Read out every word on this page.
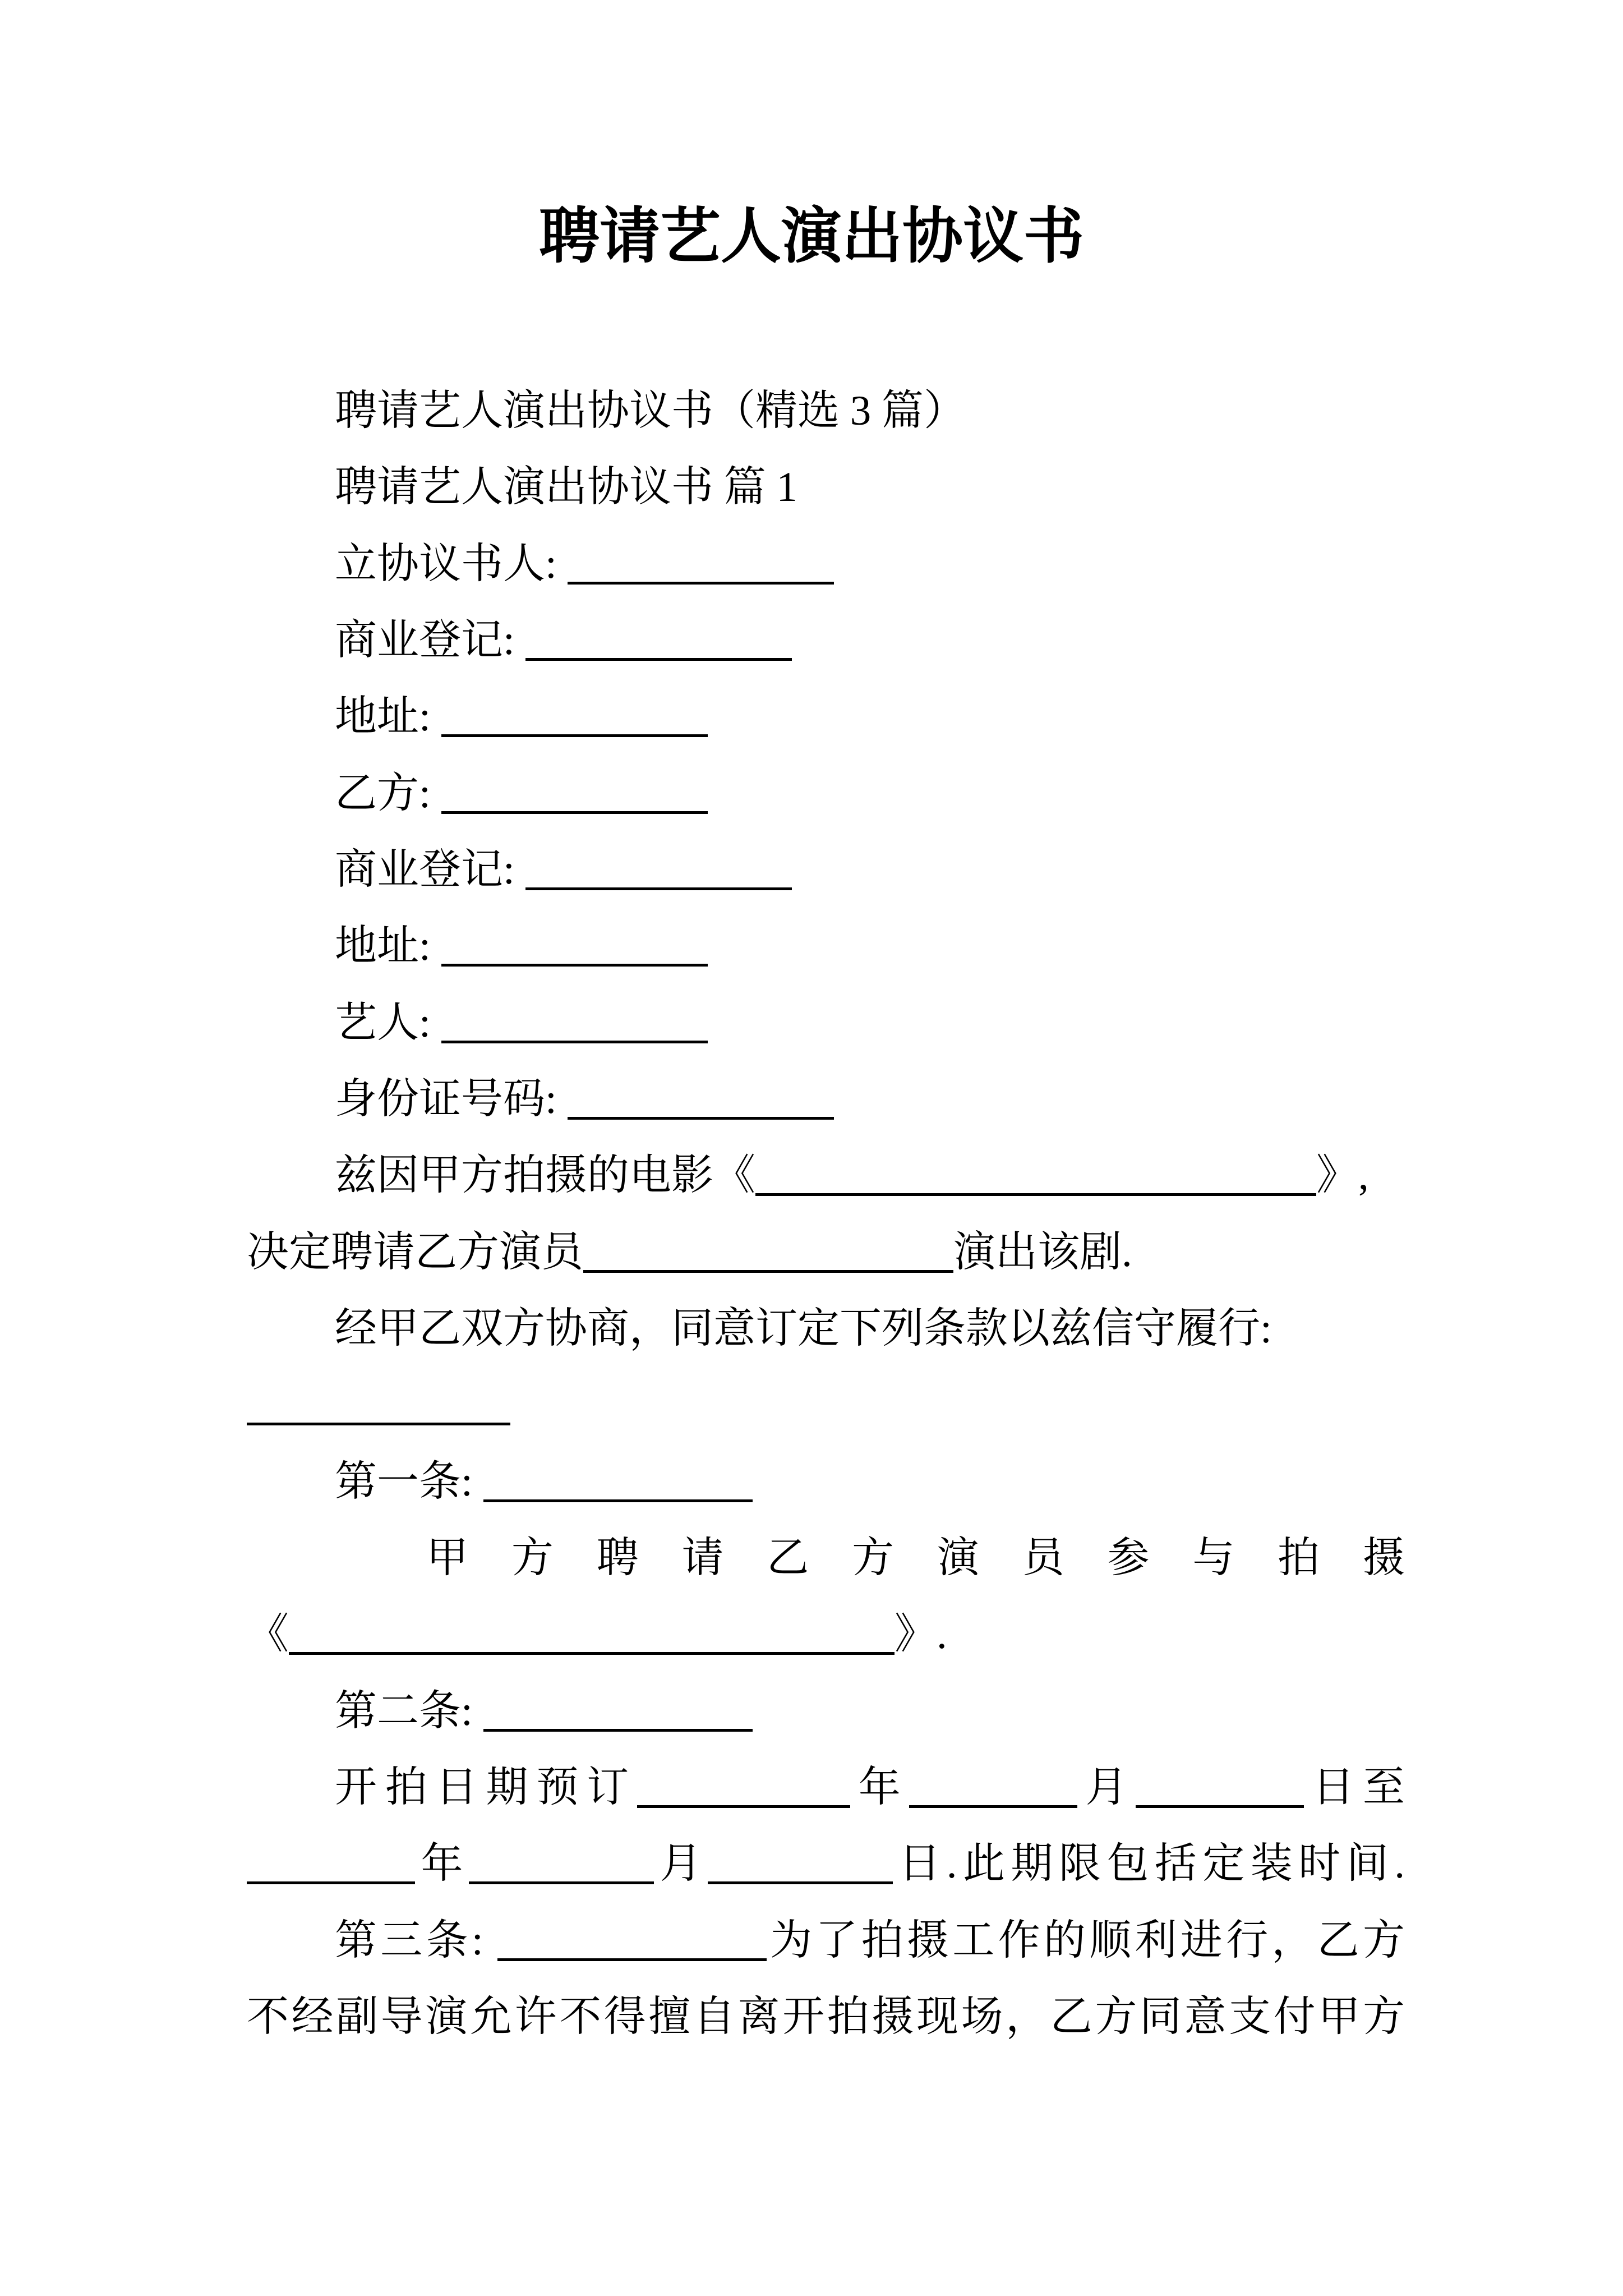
聘请艺人演出协议书
聘请艺人演出协议书（精选 3 篇）
聘请艺人演出协议书 篇 1
立协议书人:
商业登记:
地址:
乙方:
商业登记:
地址:
艺人:
身份证号码:
兹因甲方拍摄的电影《	》,
决定聘请乙方演员	演出该剧.
经甲乙双方协商，同意订定下列条款以兹信守履行:
第一条:
甲 方 聘 请 乙 方 演 员 参 与 拍 摄
《	》.
第二条:
开拍日期预订	年	月	日至
年	月	日.此期限包括定装时间.
第三条:	为了拍摄工作的顺利进行，乙方
不经副导演允许不得擅自离开拍摄现场，乙方同意支付甲方
